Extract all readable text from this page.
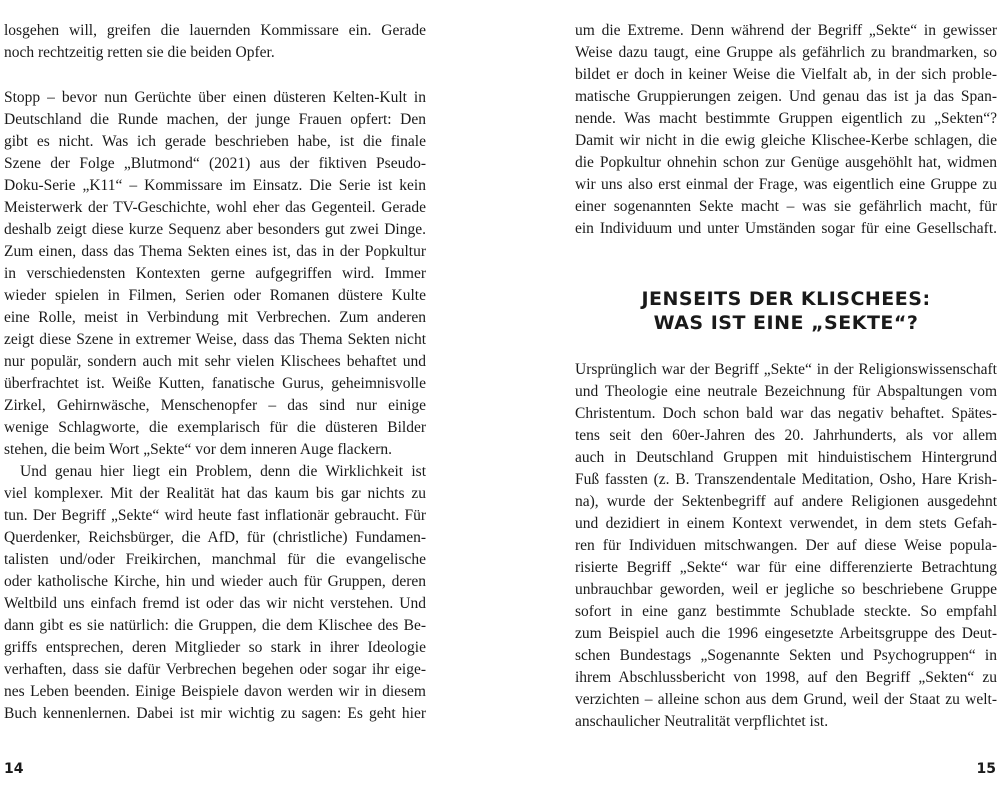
losgehen will, greifen die lauernden Kommissare ein. Gerade
noch rechtzeitig retten sie die beiden Opfer.
Stopp – bevor nun Gerüchte über einen düsteren Kelten-Kult in
Deutschland die Runde machen, der junge Frauen opfert: Den
gibt es nicht. Was ich gerade beschrieben habe, ist die finale
Szene der Folge „Blutmond“ (2021) aus der fiktiven Pseudo-
Doku-Serie „K11“ – Kommissare im Einsatz. Die Serie ist kein
Meisterwerk der TV-Geschichte, wohl eher das Gegenteil. Gerade
deshalb zeigt diese kurze Sequenz aber besonders gut zwei Dinge.
Zum einen, dass das Thema Sekten eines ist, das in der Popkultur
in verschiedensten Kontexten gerne aufgegriffen wird. Immer
wieder spielen in Filmen, Serien oder Romanen düstere Kulte
eine Rolle, meist in Verbindung mit Verbrechen. Zum anderen
zeigt diese Szene in extremer Weise, dass das Thema Sekten nicht
nur populär, sondern auch mit sehr vielen Klischees behaftet und
überfrachtet ist. Weiße Kutten, fanatische Gurus, geheimnisvolle
Zirkel, Gehirnwäsche, Menschenopfer – das sind nur einige
wenige Schlagworte, die exemplarisch für die düsteren Bilder
stehen, die beim Wort „Sekte“ vor dem inneren Auge flackern.
Und genau hier liegt ein Problem, denn die Wirklichkeit ist
viel komplexer. Mit der Realität hat das kaum bis gar nichts zu
tun. Der Begriff „Sekte“ wird heute fast inflationär gebraucht. Für
Querdenker, Reichsbürger, die AfD, für (christliche) Fundamen-
talisten und/oder Freikirchen, manchmal für die evangelische
oder katholische Kirche, hin und wieder auch für Gruppen, deren
Weltbild uns einfach fremd ist oder das wir nicht verstehen. Und
dann gibt es sie natürlich: die Gruppen, die dem Klischee des Be-
griffs entsprechen, deren Mitglieder so stark in ihrer Ideologie
verhaften, dass sie dafür Verbrechen begehen oder sogar ihr eige-
nes Leben beenden. Einige Beispiele davon werden wir in diesem
Buch kennenlernen. Dabei ist mir wichtig zu sagen: Es geht hier
um die Extreme. Denn während der Begriff „Sekte“ in gewisser
Weise dazu taugt, eine Gruppe als gefährlich zu brandmarken, so
bildet er doch in keiner Weise die Vielfalt ab, in der sich proble-
matische Gruppierungen zeigen. Und genau das ist ja das Span-
nende. Was macht bestimmte Gruppen eigentlich zu „Sekten“?
Damit wir nicht in die ewig gleiche Klischee-Kerbe schlagen, die
die Popkultur ohnehin schon zur Genüge ausgehöhlt hat, widmen
wir uns also erst einmal der Frage, was eigentlich eine Gruppe zu
einer sogenannten Sekte macht – was sie gefährlich macht, für
ein Individuum und unter Umständen sogar für eine Gesellschaft.
JENSEITS DER KLISCHEES:
WAS IST EINE „SEKTE“?
Ursprünglich war der Begriff „Sekte“ in der Religionswissenschaft
und Theologie eine neutrale Bezeichnung für Abspaltungen vom
Christentum. Doch schon bald war das negativ behaftet. Spätes-
tens seit den 60er-Jahren des 20. Jahrhunderts, als vor allem
auch in Deutschland Gruppen mit hinduistischem Hintergrund
Fuß fassten (z. B. Transzendentale Meditation, Osho, Hare Krish-
na), wurde der Sektenbegriff auf andere Religionen ausgedehnt
und dezidiert in einem Kontext verwendet, in dem stets Gefah-
ren für Individuen mitschwangen. Der auf diese Weise popula-
risierte Begriff „Sekte“ war für eine differenzierte Betrachtung
unbrauchbar geworden, weil er jegliche so beschriebene Gruppe
sofort in eine ganz bestimmte Schublade steckte. So empfahl
zum Beispiel auch die 1996 eingesetzte Arbeitsgruppe des Deut-
schen Bundestags „Sogenannte Sekten und Psychogruppen“ in
ihrem Abschlussbericht von 1998, auf den Begriff „Sekten“ zu
verzichten – alleine schon aus dem Grund, weil der Staat zu welt-
anschaulicher Neutralität verpflichtet ist.
14	15
